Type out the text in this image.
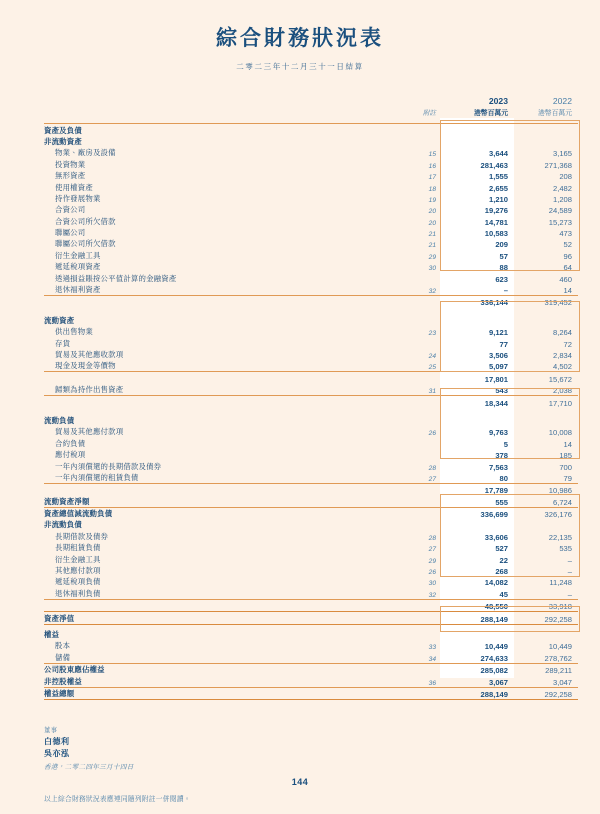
綜合財務狀況表

二零二三年十二月三十一日結算

		2023	2022
	附註	港幣百萬元	港幣百萬元

資產及負債			
非流動資產			
物業、廠房及設備	15	3,644	3,165
投資物業	16	281,463	271,368
無形資產	17	1,555	208
使用權資產	18	2,655	2,482
持作發展物業	19	1,210	1,208
合資公司	20	19,276	24,589
合資公司所欠借款	20	14,781	15,273
聯屬公司	21	10,583	473
聯屬公司所欠借款	21	209	52
衍生金融工具	29	57	96
遞延稅項資產	30	88	64
透過損益賬按公平值計算的金融資產		623	460
退休福利資產	32	–	14
		336,144	319,452

流動資產			
供出售物業	23	9,121	8,264
存貨		77	72
貿易及其他應收款項	24	3,506	2,834
現金及現金等價物	25	5,097	4,502
		17,801	15,672
歸類為持作出售資產	31	543	2,038
		18,344	17,710

流動負債			
貿易及其他應付款項	26	9,763	10,008
合約負債		5	14
應付稅項		378	185
一年內須償還的長期借款及債券	28	7,563	700
一年內須償還的租賃負債	27	80	79
		17,789	10,986
流動資產淨額		555	6,724
資產總值減流動負債		336,699	326,176
非流動負債			
長期借款及債券	28	33,606	22,135
長期租賃負債	27	527	535
衍生金融工具	29	22	–
其他應付款項	26	268	–
遞延稅項負債	30	14,082	11,248
退休福利負債	32	45	–
		48,550	33,918
資產淨值		288,149	292,258

權益			
股本	33	10,449	10,449
儲備	34	274,633	278,762
公司股東應佔權益		285,082	289,211
非控股權益	36	3,067	3,047
權益總額		288,149	292,258

董事
白德利
吳亦泓
香港，二零二四年三月十四日
以上綜合財務狀況表應連同隨列附註一併閱讀。
144
